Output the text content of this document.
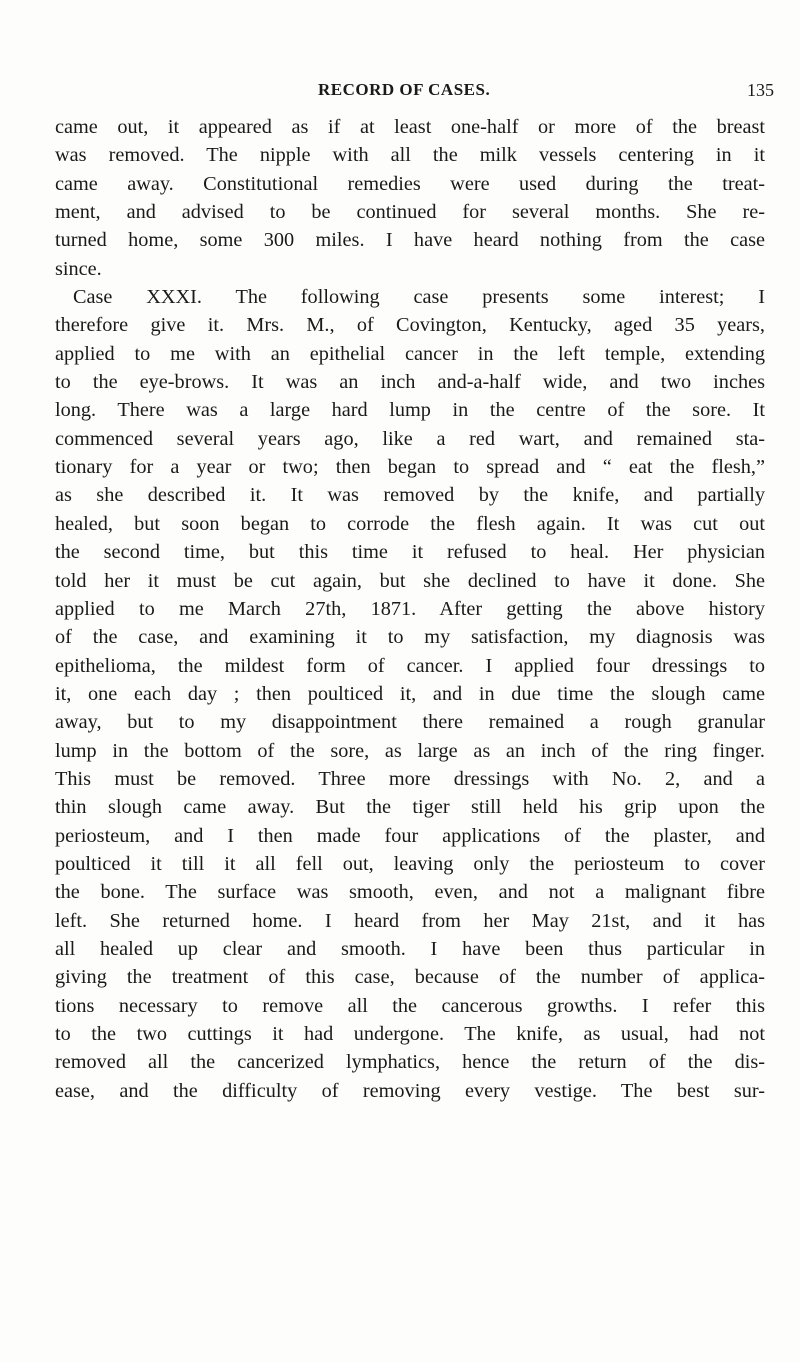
RECORD OF CASES.	135
came out, it appeared as if at least one-half or more of the breast
was removed. The nipple with all the milk vessels centering in it
came away. Constitutional remedies were used during the treat-
ment, and advised to be continued for several months. She re-
turned home, some 300 miles. I have heard nothing from the case
since.
Case XXXI. The following case presents some interest; I
therefore give it. Mrs. M., of Covington, Kentucky, aged 35 years,
applied to me with an epithelial cancer in the left temple, extending
to the eye-brows. It was an inch and-a-half wide, and two inches
long. There was a large hard lump in the centre of the sore. It
commenced several years ago, like a red wart, and remained sta-
tionary for a year or two; then began to spread and “ eat the flesh,”
as she described it. It was removed by the knife, and partially
healed, but soon began to corrode the flesh again. It was cut out
the second time, but this time it refused to heal. Her physician
told her it must be cut again, but she declined to have it done. She
applied to me March 27th, 1871. After getting the above history
of the case, and examining it to my satisfaction, my diagnosis was
epithelioma, the mildest form of cancer. I applied four dressings to
it, one each day ; then poulticed it, and in due time the slough came
away, but to my disappointment there remained a rough granular
lump in the bottom of the sore, as large as an inch of the ring finger.
This must be removed. Three more dressings with No. 2, and a
thin slough came away. But the tiger still held his grip upon the
periosteum, and I then made four applications of the plaster, and
poulticed it till it all fell out, leaving only the periosteum to cover
the bone. The surface was smooth, even, and not a malignant fibre
left. She returned home. I heard from her May 21st, and it has
all healed up clear and smooth. I have been thus particular in
giving the treatment of this case, because of the number of applica-
tions necessary to remove all the cancerous growths. I refer this
to the two cuttings it had undergone. The knife, as usual, had not
removed all the cancerized lymphatics, hence the return of the dis-
ease, and the difficulty of removing every vestige. The best sur-
